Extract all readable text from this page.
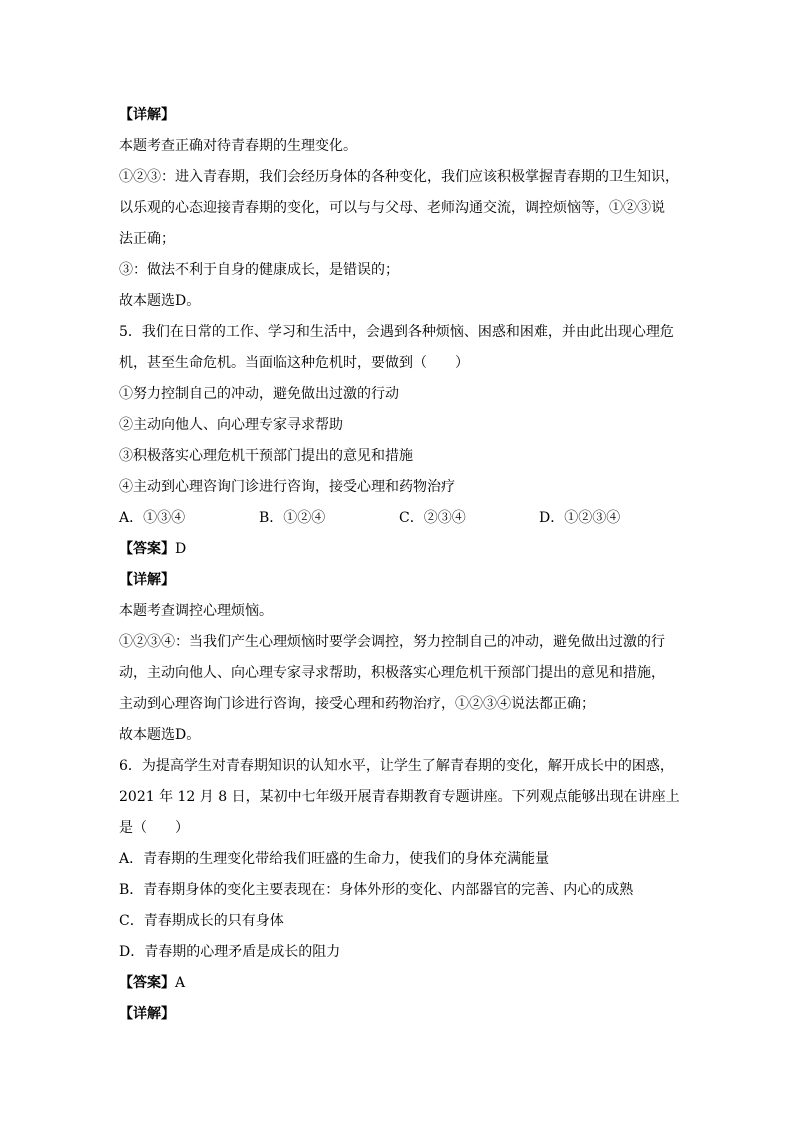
【详解】
本题考查正确对待青春期的生理变化。
①②③：进入青春期，我们会经历身体的各种变化，我们应该积极掌握青春期的卫生知识，
以乐观的心态迎接青春期的变化，可以与与父母、老师沟通交流，调控烦恼等，①②③说
法正确；
③：做法不利于自身的健康成长，是错误的；
故本题选D。
5．我们在日常的工作、学习和生活中，会遇到各种烦恼、困惑和困难，并由此出现心理危
机，甚至生命危机。当面临这种危机时，要做到（　　）
①努力控制自己的冲动，避免做出过激的行动
②主动向他人、向心理专家寻求帮助
③积极落实心理危机干预部门提出的意见和措施
④主动到心理咨询门诊进行咨询，接受心理和药物治疗
A．①③④	B．①②④	C．②③④	D．①②③④
【答案】D
【详解】
本题考查调控心理烦恼。
①②③④：当我们产生心理烦恼时要学会调控，努力控制自己的冲动，避免做出过激的行
动，主动向他人、向心理专家寻求帮助，积极落实心理危机干预部门提出的意见和措施，
主动到心理咨询门诊进行咨询，接受心理和药物治疗，①②③④说法都正确；
故本题选D。
6．为提高学生对青春期知识的认知水平，让学生了解青春期的变化，解开成长中的困惑，
2021 年 12 月 8 日，某初中七年级开展青春期教育专题讲座。下列观点能够出现在讲座上
是（　　）
A．青春期的生理变化带给我们旺盛的生命力，使我们的身体充满能量
B．青春期身体的变化主要表现在：身体外形的变化、内部器官的完善、内心的成熟
C．青春期成长的只有身体
D．青春期的心理矛盾是成长的阻力
【答案】A
【详解】
